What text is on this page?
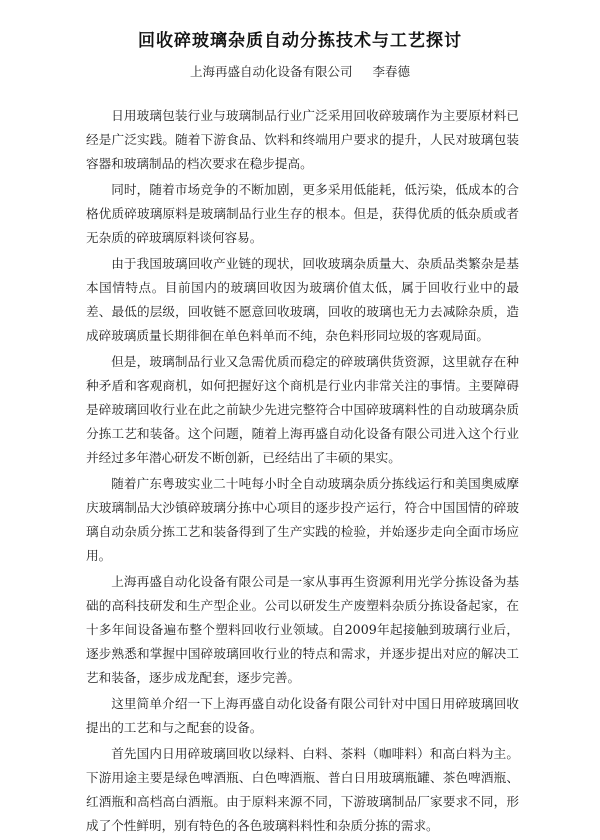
回收碎玻璃杂质自动分拣技术与工艺探讨
上海再盛自动化设备有限公司 李春德

日用玻璃包装行业与玻璃制品行业广泛采用回收碎玻璃作为主要原材料已经是广泛实践。随着下游食品、饮料和终端用户要求的提升，人民对玻璃包装容器和玻璃制品的档次要求在稳步提高。

同时，随着市场竞争的不断加剧，更多采用低能耗，低污染，低成本的合格优质碎玻璃原料是玻璃制品行业生存的根本。但是，获得优质的低杂质或者无杂质的碎玻璃原料谈何容易。

由于我国玻璃回收产业链的现状，回收玻璃杂质量大、杂质品类繁杂是基本国情特点。目前国内的玻璃回收因为玻璃价值太低，属于回收行业中的最差、最低的层级，回收链不愿意回收玻璃，回收的玻璃也无力去减除杂质，造成碎玻璃质量长期徘徊在单色料单而不纯，杂色料形同垃圾的客观局面。

但是，玻璃制品行业又急需优质而稳定的碎玻璃供货资源，这里就存在种种矛盾和客观商机，如何把握好这个商机是行业内非常关注的事情。主要障碍是碎玻璃回收行业在此之前缺少先进完整符合中国碎玻璃料性的自动玻璃杂质分拣工艺和装备。这个问题，随着上海再盛自动化设备有限公司进入这个行业并经过多年潜心研发不断创新，已经结出了丰硕的果实。

随着广东粤玻实业二十吨每小时全自动玻璃杂质分拣线运行和美国奥威摩庆玻璃制品大沙镇碎玻璃分拣中心项目的逐步投产运行，符合中国国情的碎玻璃自动杂质分拣工艺和装备得到了生产实践的检验，并始逐步走向全面市场应用。

上海再盛自动化设备有限公司是一家从事再生资源利用光学分拣设备为基础的高科技研发和生产型企业。公司以研发生产废塑料杂质分拣设备起家，在十多年间设备遍布整个塑料回收行业领域。自2009年起接触到玻璃行业后，逐步熟悉和掌握中国碎玻璃回收行业的特点和需求，并逐步提出对应的解决工艺和装备，逐步成龙配套，逐步完善。

这里简单介绍一下上海再盛自动化设备有限公司针对中国日用碎玻璃回收提出的工艺和与之配套的设备。

首先国内日用碎玻璃回收以绿料、白料、茶料（咖啡料）和高白料为主。下游用途主要是绿色啤酒瓶、白色啤酒瓶、普白日用玻璃瓶罐、茶色啤酒瓶、红酒瓶和高档高白酒瓶。由于原料来源不同，下游玻璃制品厂家要求不同，形成了个性鲜明，别有特色的各色玻璃料料性和杂质分拣的需求。
